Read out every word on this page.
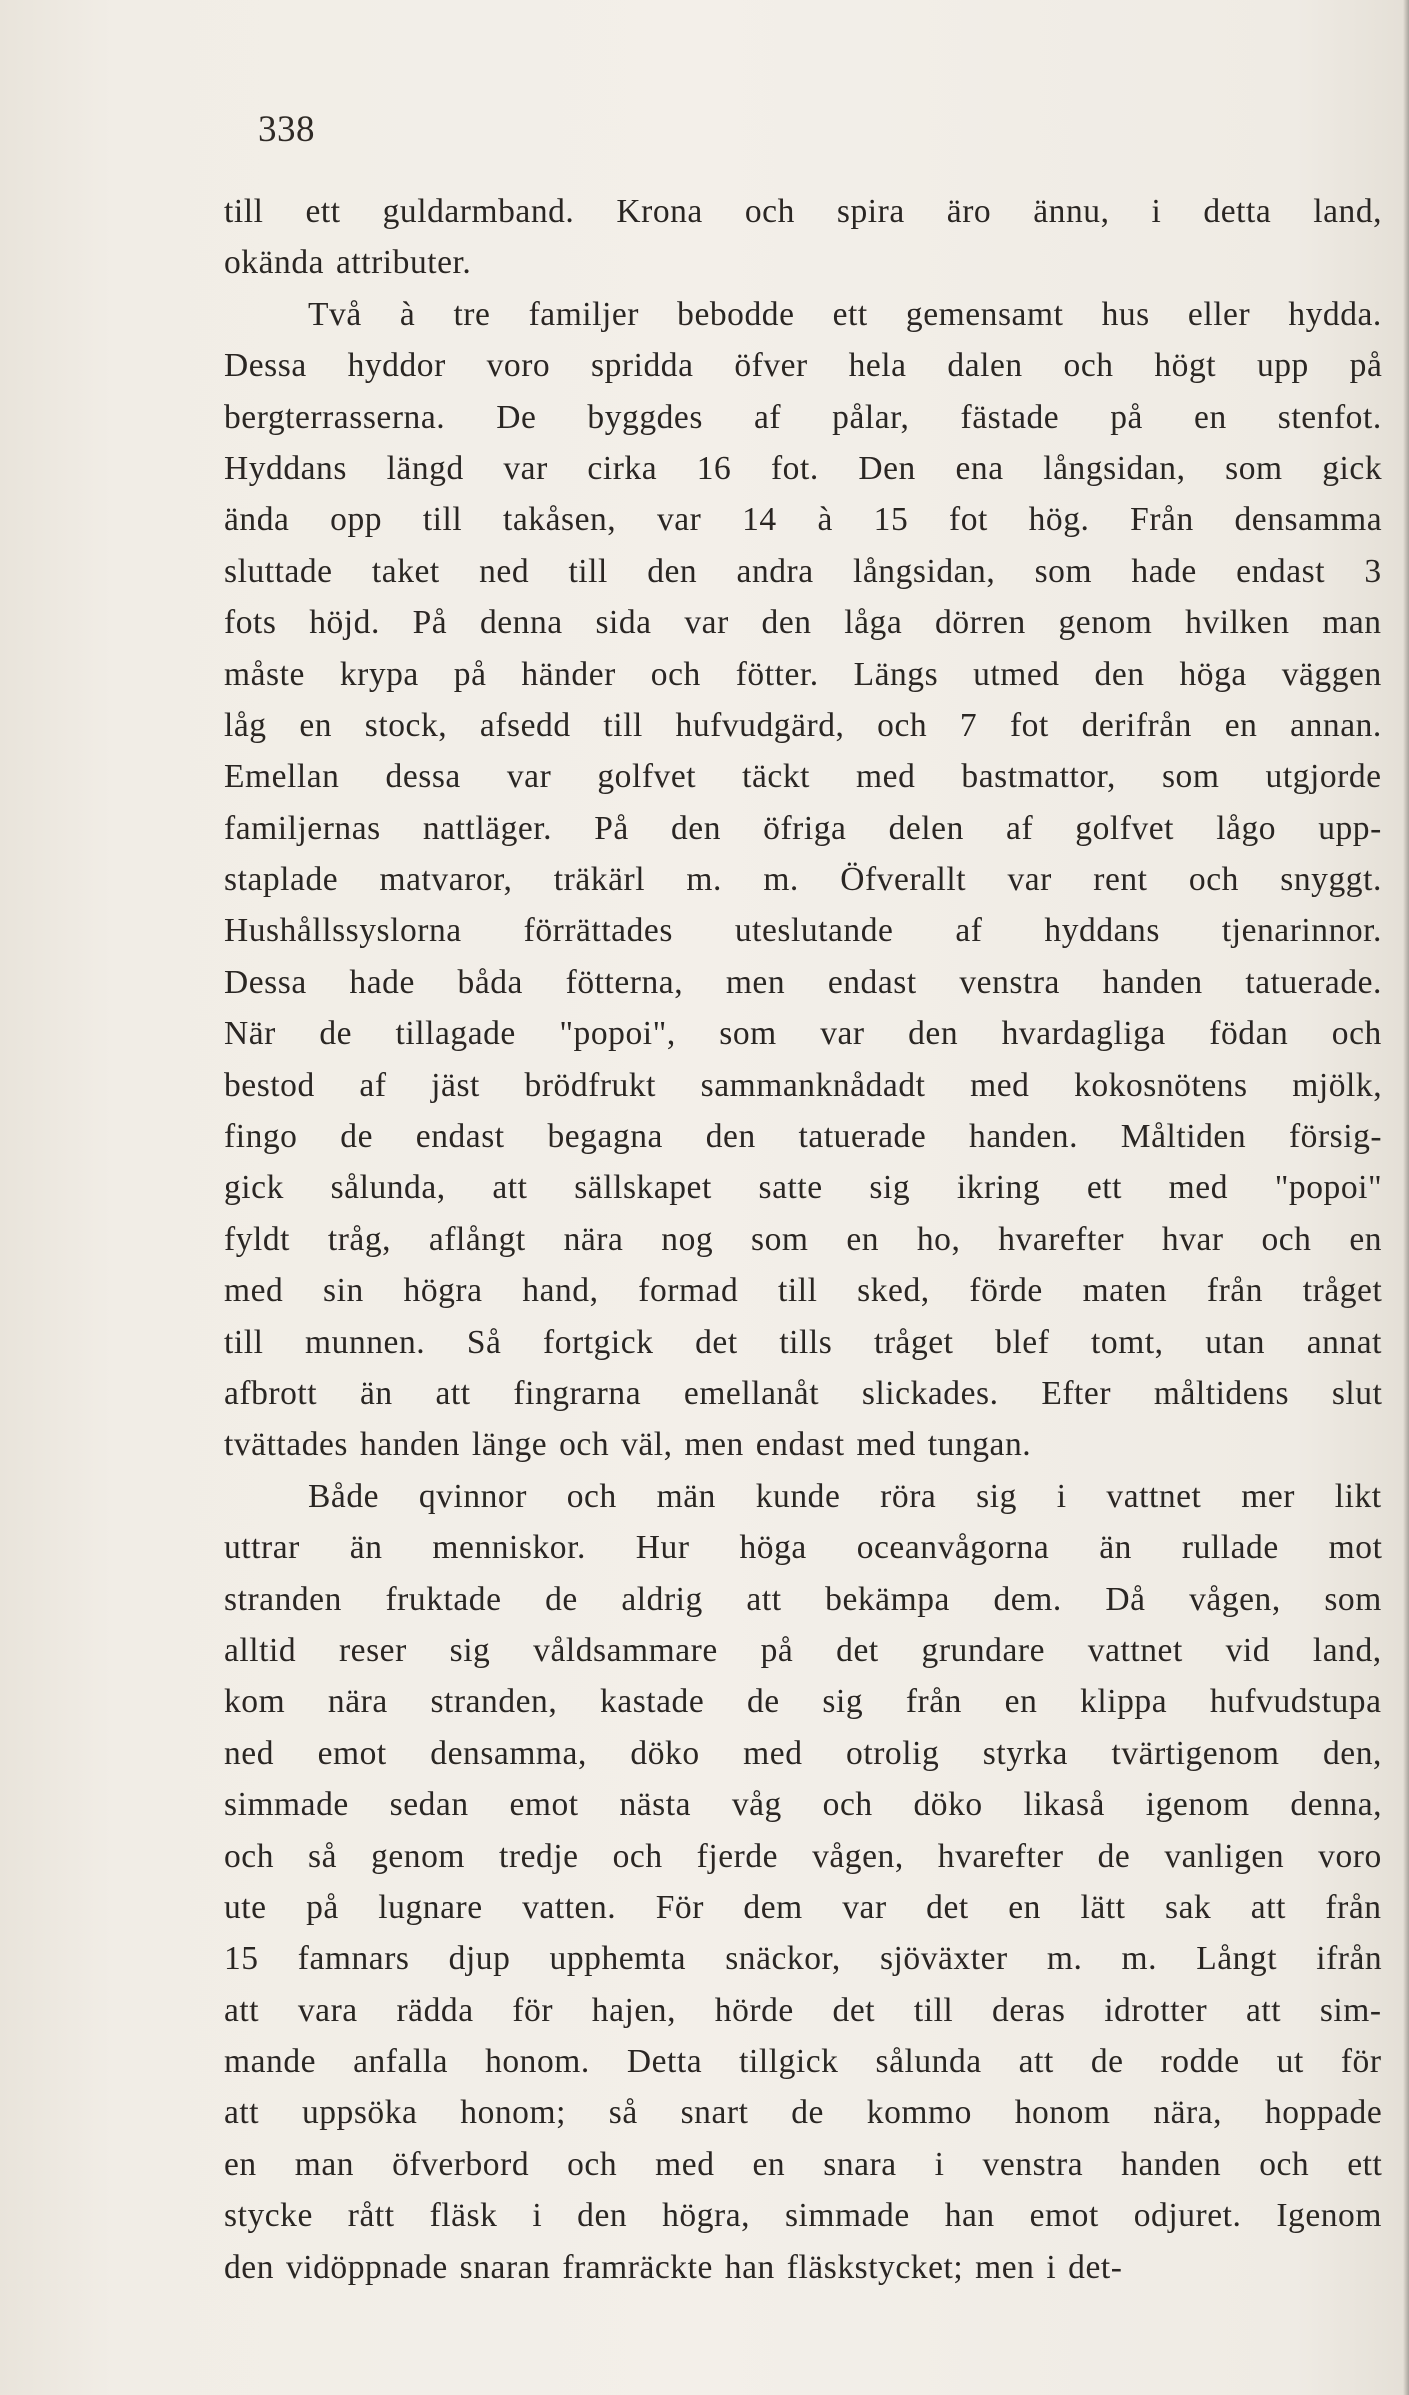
338
till ett guldarmband. Krona och spira äro ännu, i detta land,
okända attributer.
Två à tre familjer bebodde ett gemensamt hus eller hydda.
Dessa hyddor voro spridda öfver hela dalen och högt upp på
bergterrasserna. De byggdes af pålar, fästade på en stenfot.
Hyddans längd var cirka 16 fot. Den ena långsidan, som gick
ända opp till takåsen, var 14 à 15 fot hög. Från densamma
sluttade taket ned till den andra långsidan, som hade endast 3
fots höjd. På denna sida var den låga dörren genom hvilken man
måste krypa på händer och fötter. Längs utmed den höga väggen
låg en stock, afsedd till hufvudgärd, och 7 fot derifrån en annan.
Emellan dessa var golfvet täckt med bastmattor, som utgjorde
familjernas nattläger. På den öfriga delen af golfvet lågo upp-
staplade matvaror, träkärl m. m. Öfverallt var rent och snyggt.
Hushållssyslorna förrättades uteslutande af hyddans tjenarinnor.
Dessa hade båda fötterna, men endast venstra handen tatuerade.
När de tillagade "popoi", som var den hvardagliga födan och
bestod af jäst brödfrukt sammanknådadt med kokosnötens mjölk,
fingo de endast begagna den tatuerade handen. Måltiden försig-
gick sålunda, att sällskapet satte sig ikring ett med "popoi"
fyldt tråg, aflångt nära nog som en ho, hvarefter hvar och en
med sin högra hand, formad till sked, förde maten från tråget
till munnen. Så fortgick det tills tråget blef tomt, utan annat
afbrott än att fingrarna emellanåt slickades. Efter måltidens slut
tvättades handen länge och väl, men endast med tungan.
Både qvinnor och män kunde röra sig i vattnet mer likt
uttrar än menniskor. Hur höga oceanvågorna än rullade mot
stranden fruktade de aldrig att bekämpa dem. Då vågen, som
alltid reser sig våldsammare på det grundare vattnet vid land,
kom nära stranden, kastade de sig från en klippa hufvudstupa
ned emot densamma, döko med otrolig styrka tvärtigenom den,
simmade sedan emot nästa våg och döko likaså igenom denna,
och så genom tredje och fjerde vågen, hvarefter de vanligen voro
ute på lugnare vatten. För dem var det en lätt sak att från
15 famnars djup upphemta snäckor, sjöväxter m. m. Långt ifrån
att vara rädda för hajen, hörde det till deras idrotter att sim-
mande anfalla honom. Detta tillgick sålunda att de rodde ut för
att uppsöka honom; så snart de kommo honom nära, hoppade
en man öfverbord och med en snara i venstra handen och ett
stycke rått fläsk i den högra, simmade han emot odjuret. Igenom
den vidöppnade snaran framräckte han fläskstycket; men i det-
